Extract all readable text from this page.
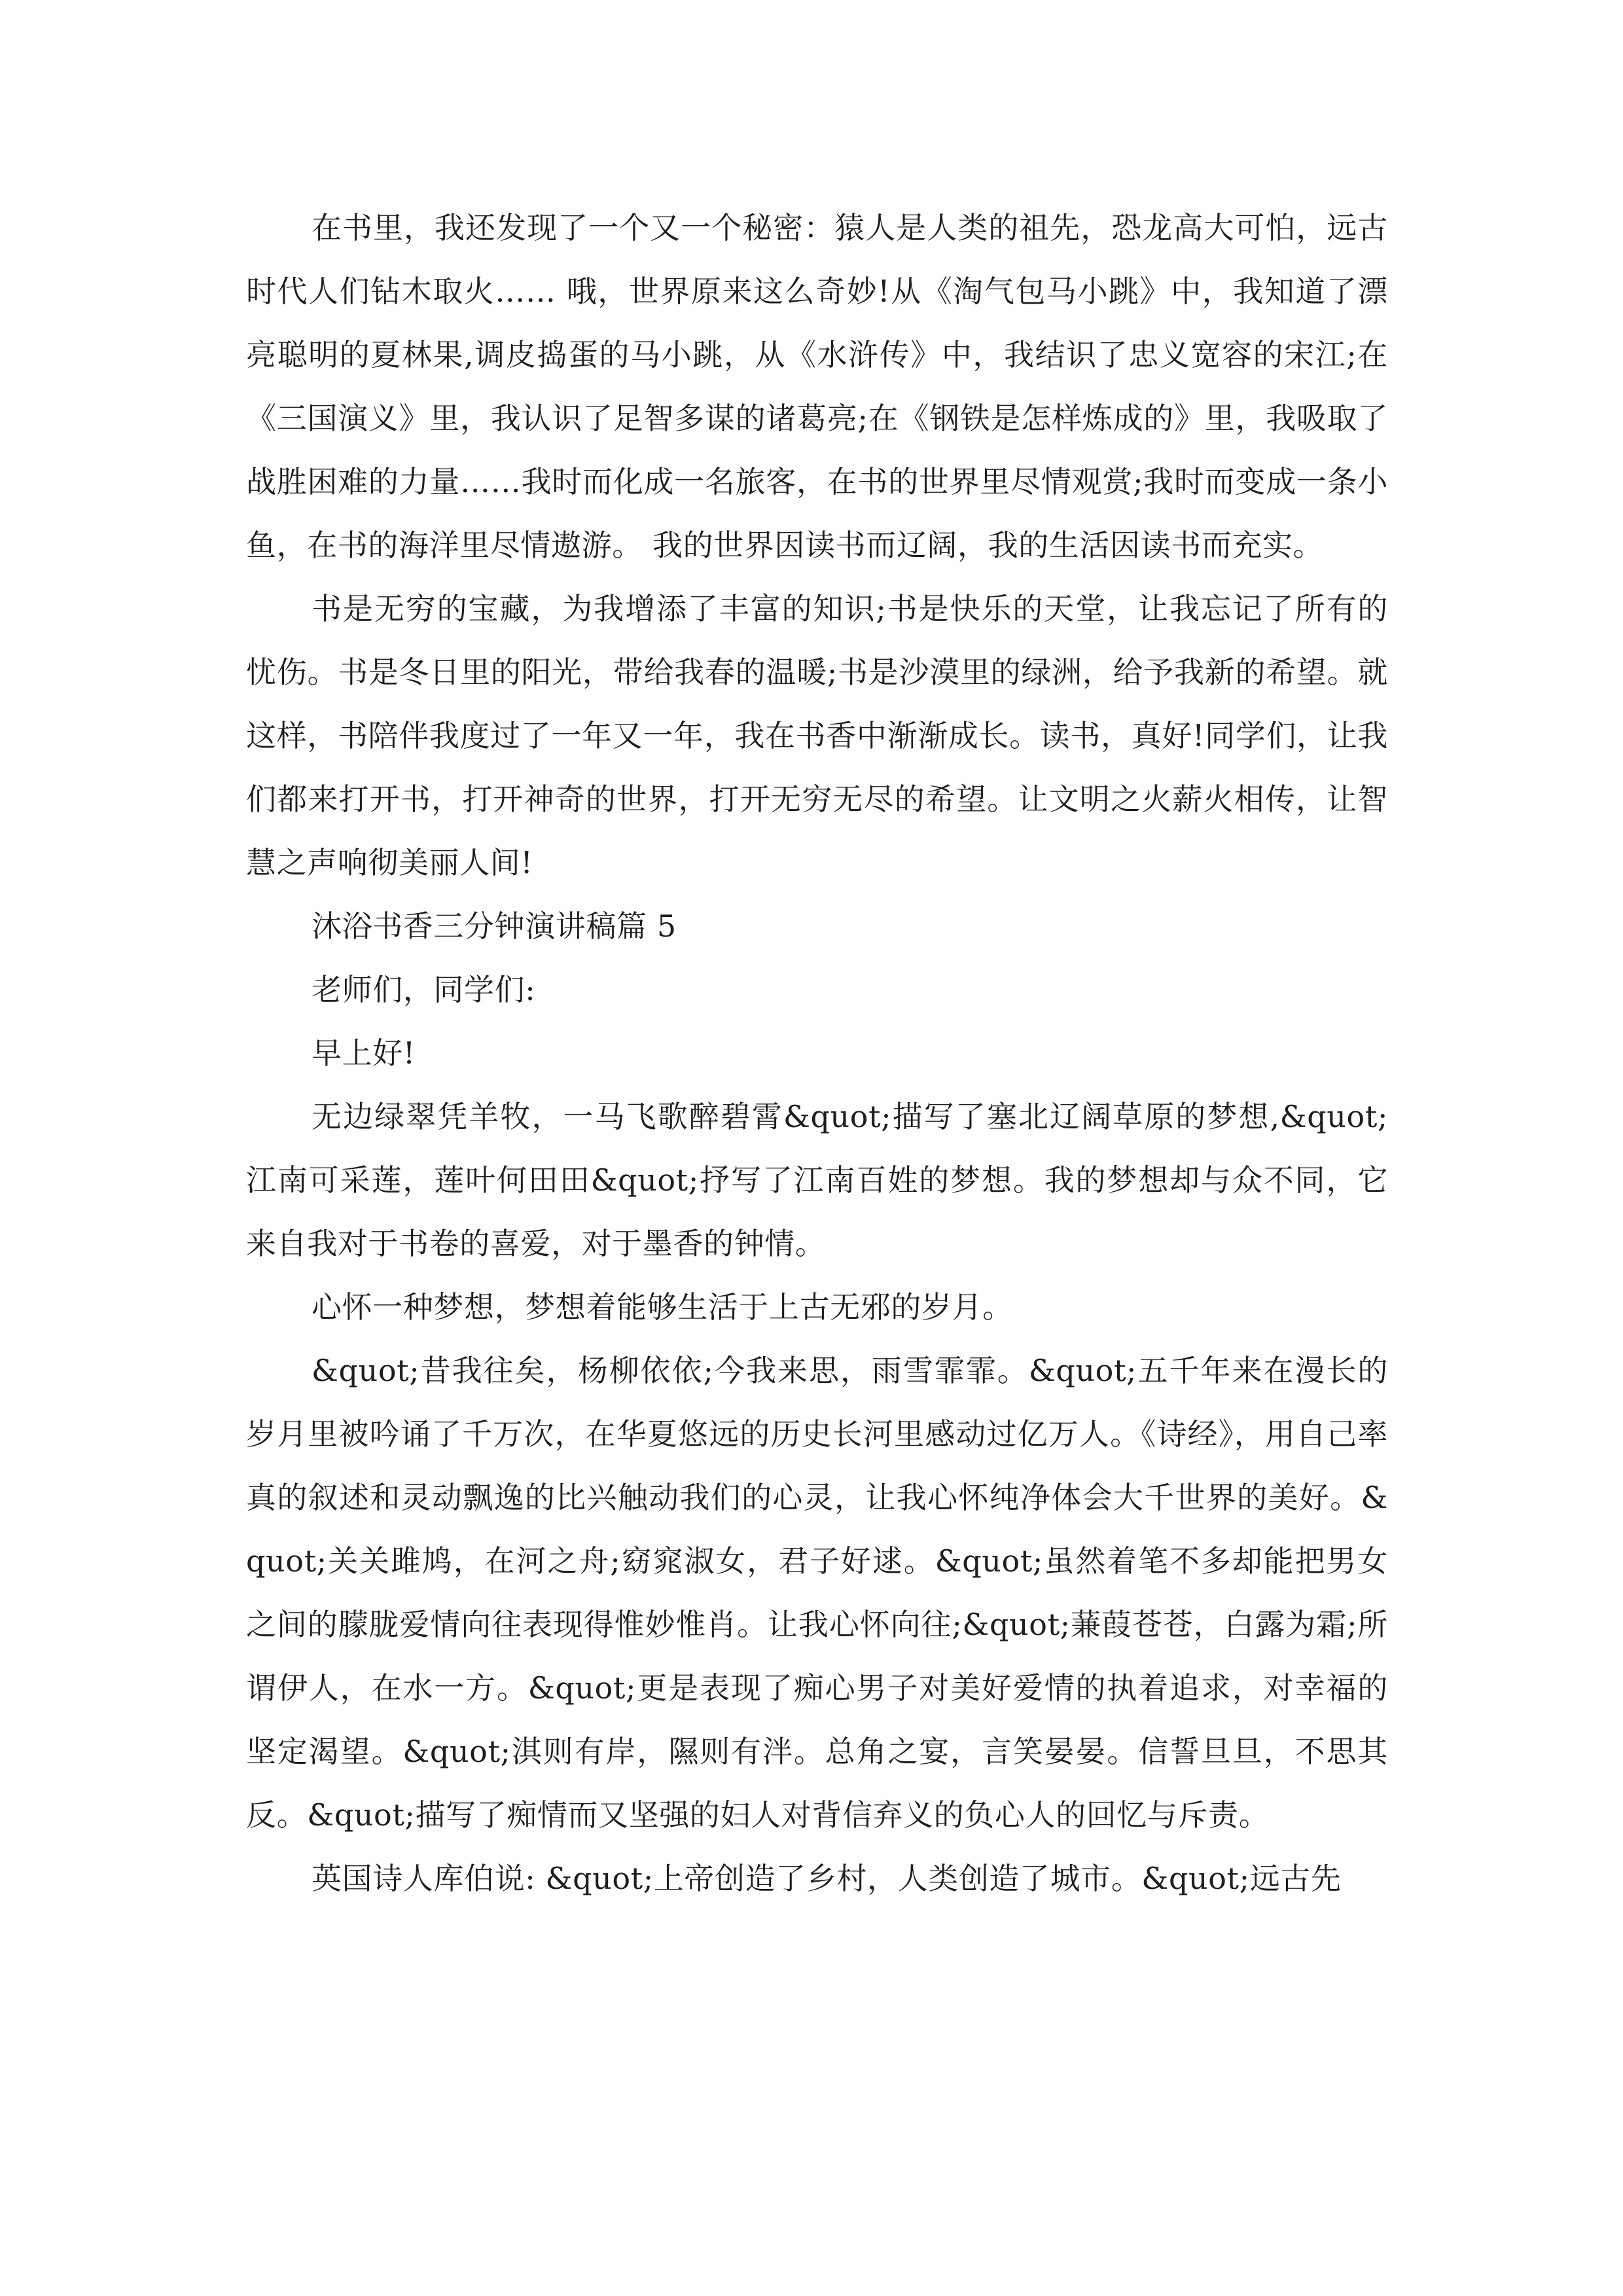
在书里，我还发现了一个又一个秘密：猿人是人类的祖先，恐龙高大可怕，远古时代人们钻木取火…… 哦，世界原来这么奇妙!从《淘气包马小跳》中，我知道了漂亮聪明的夏林果,调皮捣蛋的马小跳，从《水浒传》中，我结识了忠义宽容的宋江;在《三国演义》里，我认识了足智多谋的诸葛亮;在《钢铁是怎样炼成的》里，我吸取了战胜困难的力量……我时而化成一名旅客，在书的世界里尽情观赏;我时而变成一条小鱼，在书的海洋里尽情遨游。 我的世界因读书而辽阔，我的生活因读书而充实。

书是无穷的宝藏，为我增添了丰富的知识;书是快乐的天堂，让我忘记了所有的忧伤。书是冬日里的阳光，带给我春的温暖;书是沙漠里的绿洲，给予我新的希望。就这样，书陪伴我度过了一年又一年，我在书香中渐渐成长。读书，真好!同学们，让我们都来打开书，打开神奇的世界，打开无穷无尽的希望。让文明之火薪火相传，让智慧之声响彻美丽人间!

沐浴书香三分钟演讲稿篇 5

老师们，同学们:

早上好!

无边绿翠凭羊牧，一马飞歌醉碧霄&quot;描写了塞北辽阔草原的梦想,&quot;江南可采莲，莲叶何田田&quot;抒写了江南百姓的梦想。我的梦想却与众不同，它来自我对于书卷的喜爱，对于墨香的钟情。

心怀一种梦想，梦想着能够生活于上古无邪的岁月。

&quot;昔我往矣，杨柳依依;今我来思，雨雪霏霏。&quot;五千年来在漫长的岁月里被吟诵了千万次，在华夏悠远的历史长河里感动过亿万人。《诗经》，用自己率真的叙述和灵动飘逸的比兴触动我们的心灵，让我心怀纯净体会大千世界的美好。&quot;关关雎鸠，在河之舟;窈窕淑女，君子好逑。&quot;虽然着笔不多却能把男女之间的朦胧爱情向往表现得惟妙惟肖。让我心怀向往;&quot;蒹葭苍苍，白露为霜;所谓伊人，在水一方。&quot;更是表现了痴心男子对美好爱情的执着追求，对幸福的坚定渴望。&quot;淇则有岸，隰则有泮。总角之宴，言笑晏晏。信誓旦旦，不思其反。&quot;描写了痴情而又坚强的妇人对背信弃义的负心人的回忆与斥责。

英国诗人库伯说: &quot;上帝创造了乡村，人类创造了城市。&quot;远古先
